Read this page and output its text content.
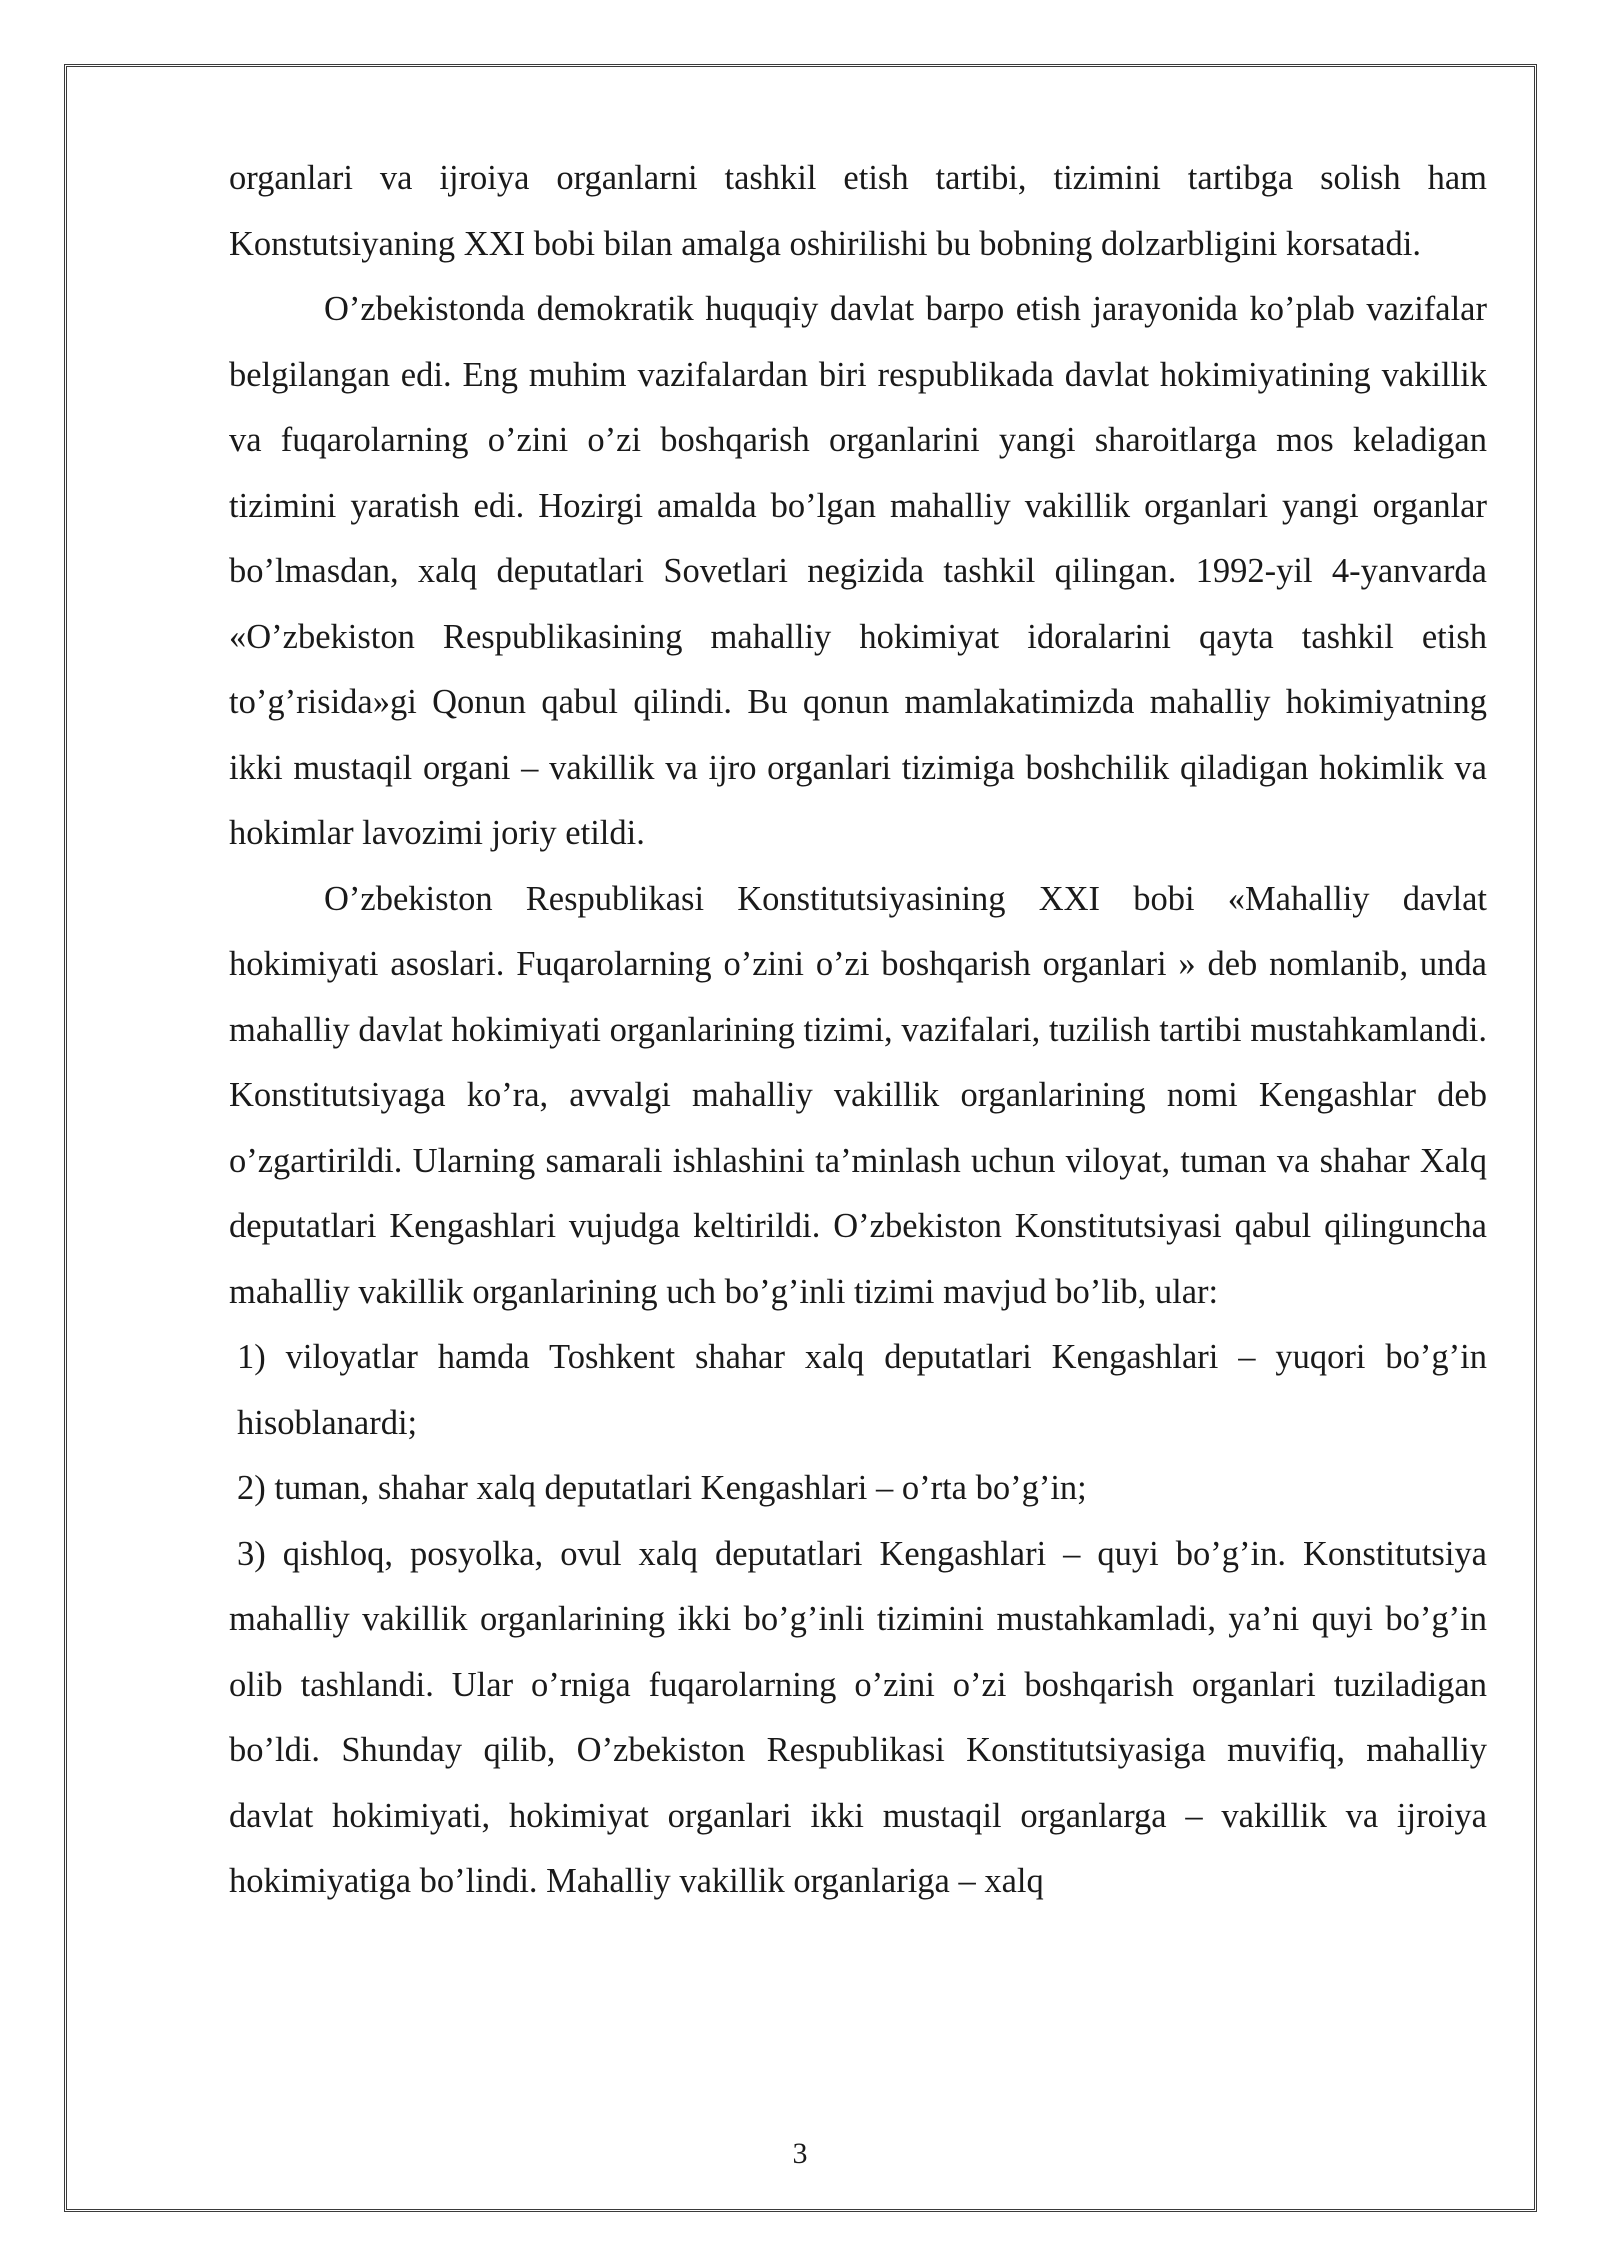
organlari va ijroiya organlarni tashkil etish tartibi, tizimini tartibga solish ham Konstutsiyaning XXI bobi bilan amalga oshirilishi bu bobning dolzarbligini korsatadi.

O’zbekistonda demokratik huquqiy davlat barpo etish jarayonida ko’plab vazifalar belgilangan edi. Eng muhim vazifalardan biri respublikada davlat hokimiyatining vakillik va fuqarolarning o’zini o’zi boshqarish organlarini yangi sharoitlarga mos keladigan tizimini yaratish edi. Hozirgi amalda bo’lgan mahalliy vakillik organlari yangi organlar bo’lmasdan, xalq deputatlari Sovetlari negizida tashkil qilingan. 1992-yil 4-yanvarda «O’zbekiston Respublikasining mahalliy hokimiyat idoralarini qayta tashkil etish to’g’risida»gi Qonun qabul qilindi. Bu qonun mamlakatimizda mahalliy hokimiyatning ikki mustaqil organi – vakillik va ijro organlari tizimiga boshchilik qiladigan hokimlik va hokimlar lavozimi joriy etildi.

O’zbekiston Respublikasi Konstitutsiyasining XXI bobi «Mahalliy davlat hokimiyati asoslari. Fuqarolarning o’zini o’zi boshqarish organlari » deb nomlanib, unda mahalliy davlat hokimiyati organlarining tizimi, vazifalari, tuzilish tartibi mustahkamlandi. Konstitutsiyaga ko’ra, avvalgi mahalliy vakillik organlarining nomi Kengashlar deb o’zgartirildi. Ularning samarali ishlashini ta’minlash uchun viloyat, tuman va shahar Xalq deputatlari Kengashlari vujudga keltirildi. O’zbekiston Konstitutsiyasi qabul qilinguncha mahalliy vakillik organlarining uch bo’g’inli tizimi mavjud bo’lib, ular:

1) viloyatlar hamda Toshkent shahar xalq deputatlari Kengashlari – yuqori bo’g’in hisoblanardi;

2) tuman, shahar xalq deputatlari Kengashlari – o’rta bo’g’in;

3) qishloq, posyolka, ovul xalq deputatlari Kengashlari – quyi bo’g’in. Konstitutsiya mahalliy vakillik organlarining ikki bo’g’inli tizimini mustahkamladi, ya’ni quyi bo’g’in olib tashlandi. Ular o’rniga fuqarolarning o’zini o’zi boshqarish organlari tuziladigan bo’ldi. Shunday qilib, O’zbekiston Respublikasi Konstitutsiyasiga muvifiq, mahalliy davlat hokimiyati, hokimiyat organlari ikki mustaqil organlarga – vakillik va ijroiya hokimiyatiga bo’lindi. Mahalliy vakillik organlariga – xalq

3
